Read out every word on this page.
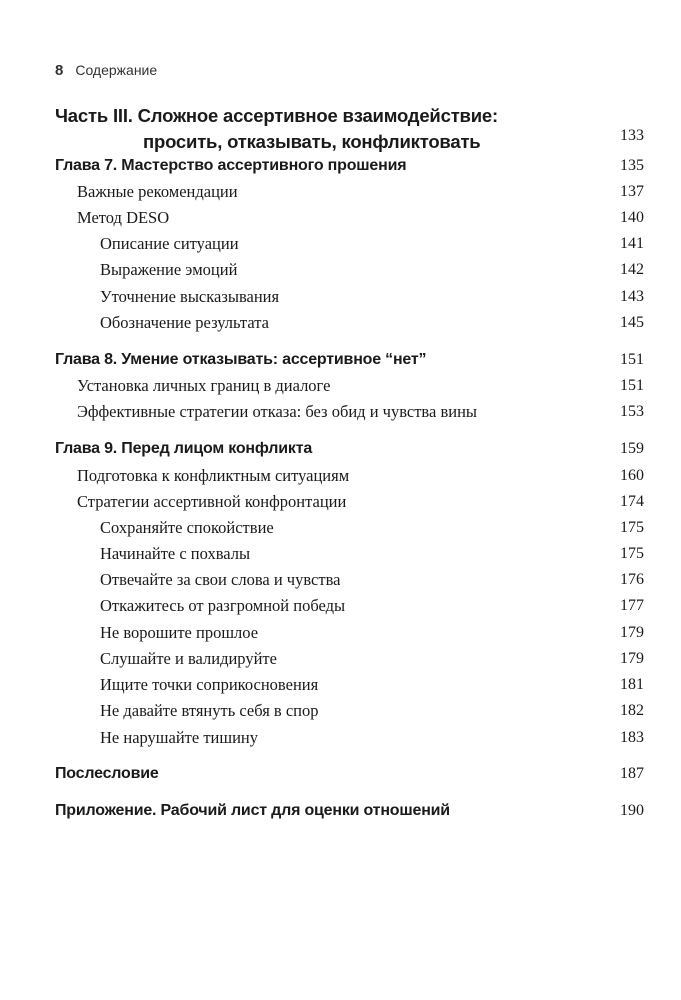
8 Содержание
Часть III. Сложное ассертивное взаимодействие:
просить, отказывать, конфликтовать	133
Глава 7. Мастерство ассертивного прошения	135
Важные рекомендации	137
Метод DESO	140
Описание ситуации	141
Выражение эмоций	142
Уточнение высказывания	143
Обозначение результата	145
Глава 8. Умение отказывать: ассертивное “нет”	151
Установка личных границ в диалоге	151
Эффективные стратегии отказа: без обид и чувства вины	153
Глава 9. Перед лицом конфликта	159
Подготовка к конфликтным ситуациям	160
Стратегии ассертивной конфронтации	174
Сохраняйте спокойствие	175
Начинайте с похвалы	175
Отвечайте за свои слова и чувства	176
Откажитесь от разгромной победы	177
Не ворошите прошлое	179
Слушайте и валидируйте	179
Ищите точки соприкосновения	181
Не давайте втянуть себя в спор	182
Не нарушайте тишину	183
Послесловие	187
Приложение. Рабочий лист для оценки отношений	190
